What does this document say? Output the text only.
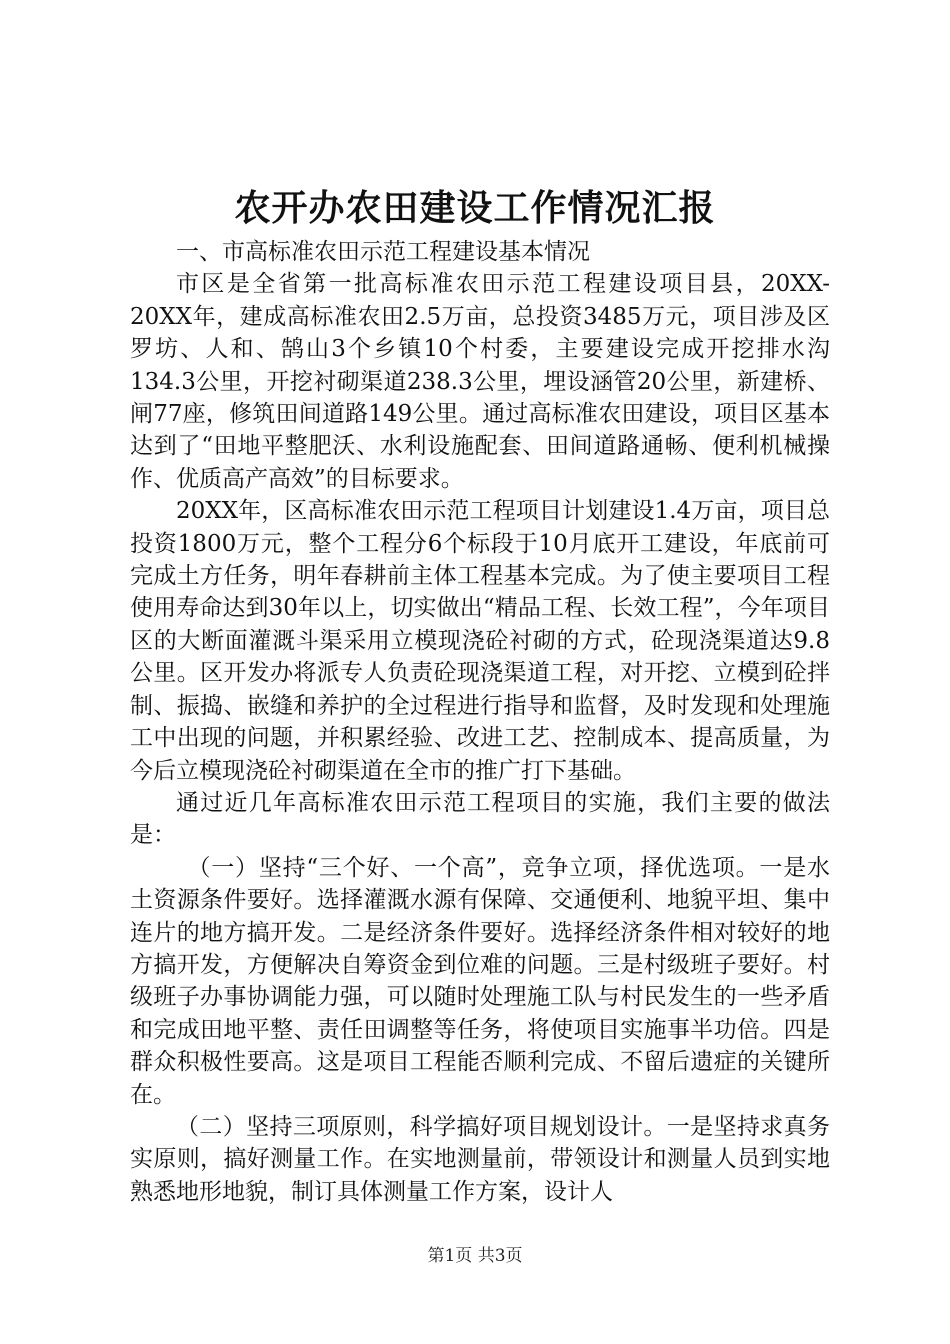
农开办农田建设工作情况汇报

一、市高标准农田示范工程建设基本情况

市区是全省第一批高标准农田示范工程建设项目县，20XX-20XX年，建成高标准农田2.5万亩，总投资3485万元，项目涉及区罗坊、人和、鹄山3个乡镇10个村委，主要建设完成开挖排水沟134.3公里，开挖衬砌渠道238.3公里，埋设涵管20公里，新建桥、闸77座，修筑田间道路149公里。通过高标准农田建设，项目区基本达到了“田地平整肥沃、水利设施配套、田间道路通畅、便利机械操作、优质高产高效”的目标要求。

20XX年，区高标准农田示范工程项目计划建设1.4万亩，项目总投资1800万元，整个工程分6个标段于10月底开工建设，年底前可完成土方任务，明年春耕前主体工程基本完成。为了使主要项目工程使用寿命达到30年以上，切实做出“精品工程、长效工程”，今年项目区的大断面灌溉斗渠采用立模现浇砼衬砌的方式，砼现浇渠道达9.8公里。区开发办将派专人负责砼现浇渠道工程，对开挖、立模到砼拌制、振捣、嵌缝和养护的全过程进行指导和监督，及时发现和处理施工中出现的问题，并积累经验、改进工艺、控制成本、提高质量，为今后立模现浇砼衬砌渠道在全市的推广打下基础。

通过近几年高标准农田示范工程项目的实施，我们主要的做法是：

（一）坚持“三个好、一个高”，竞争立项，择优选项。一是水土资源条件要好。选择灌溉水源有保障、交通便利、地貌平坦、集中连片的地方搞开发。二是经济条件要好。选择经济条件相对较好的地方搞开发，方便解决自筹资金到位难的问题。三是村级班子要好。村级班子办事协调能力强，可以随时处理施工队与村民发生的一些矛盾和完成田地平整、责任田调整等任务，将使项目实施事半功倍。四是群众积极性要高。这是项目工程能否顺利完成、不留后遗症的关键所在。

（二）坚持三项原则，科学搞好项目规划设计。一是坚持求真务实原则，搞好测量工作。在实地测量前，带领设计和测量人员到实地熟悉地形地貌，制订具体测量工作方案，设计人

第1页 共3页
